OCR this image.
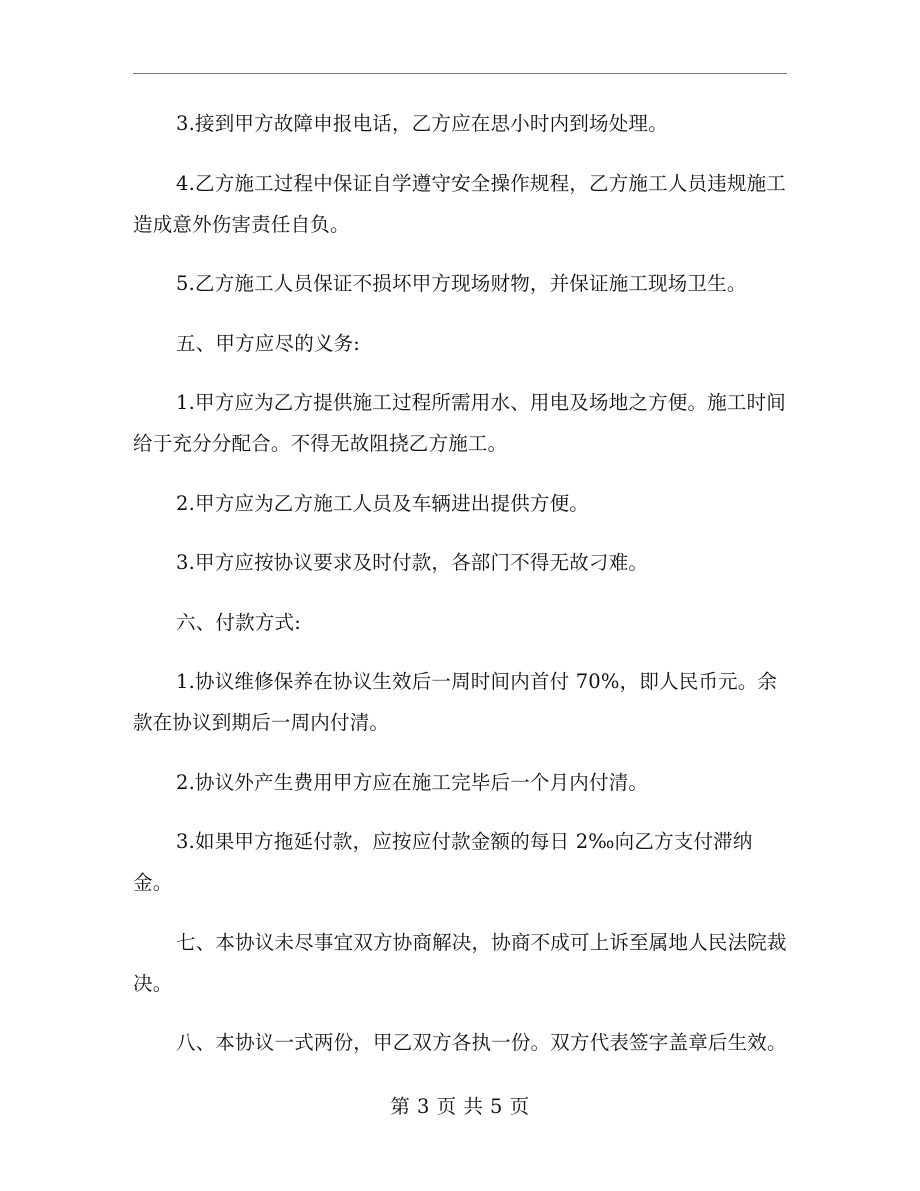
3.接到甲方故障申报电话，乙方应在思小时内到场处理。

4.乙方施工过程中保证自学遵守安全操作规程，乙方施工人员违规施工造成意外伤害责任自负。

5.乙方施工人员保证不损坏甲方现场财物，并保证施工现场卫生。

五、甲方应尽的义务:

1.甲方应为乙方提供施工过程所需用水、用电及场地之方便。施工时间给于充分分配合。不得无故阻挠乙方施工。

2.甲方应为乙方施工人员及车辆进出提供方便。

3.甲方应按协议要求及时付款，各部门不得无故刁难。

六、付款方式:

1.协议维修保养在协议生效后一周时间内首付 70%，即人民币元。余款在协议到期后一周内付清。

2.协议外产生费用甲方应在施工完毕后一个月内付清。

3.如果甲方拖延付款，应按应付款金额的每日 2‰向乙方支付滞纳金。

七、本协议未尽事宜双方协商解决，协商不成可上诉至属地人民法院裁决。

八、本协议一式两份，甲乙双方各执一份。双方代表签字盖章后生效。

第 3 页 共 5 页
